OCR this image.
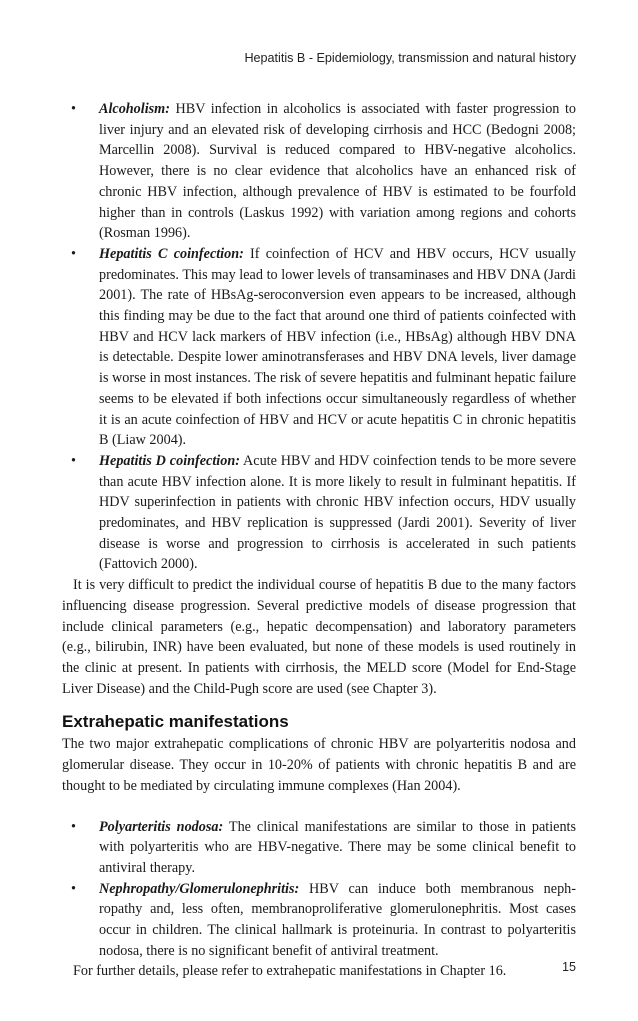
Hepatitis B - Epidemiology, transmission and natural history
• Alcoholism: HBV infection in alcoholics is associated with faster progression to liver injury and an elevated risk of developing cirrhosis and HCC (Bedogni 2008; Marcellin 2008). Survival is reduced compared to HBV-negative alcoholics. However, there is no clear evidence that alcoholics have an enhanced risk of chronic HBV infection, although prevalence of HBV is estimated to be fourfold higher than in controls (Laskus 1992) with variation among regions and cohorts (Rosman 1996).
• Hepatitis C coinfection: If coinfection of HCV and HBV occurs, HCV usually predominates. This may lead to lower levels of transaminases and HBV DNA (Jardi 2001). The rate of HBsAg-seroconversion even appears to be increased, although this finding may be due to the fact that around one third of patients coinfected with HBV and HCV lack markers of HBV infection (i.e., HBsAg) although HBV DNA is detectable. Despite lower aminotransferases and HBV DNA levels, liver damage is worse in most instances. The risk of severe hepatitis and fulminant hepatic failure seems to be elevated if both infections occur simultaneously regardless of whether it is an acute coinfection of HBV and HCV or acute hepatitis C in chronic hepatitis B (Liaw 2004).
• Hepatitis D coinfection: Acute HBV and HDV coinfection tends to be more severe than acute HBV infection alone. It is more likely to result in fulminant hepatitis. If HDV superinfection in patients with chronic HBV infection occurs, HDV usually predominates, and HBV replication is suppressed (Jardi 2001). Severity of liver disease is worse and progression to cirrhosis is accelerated in such patients (Fattovich 2000).

It is very difficult to predict the individual course of hepatitis B due to the many factors influencing disease progression. Several predictive models of disease progression that include clinical parameters (e.g., hepatic decompensation) and laboratory parameters (e.g., bilirubin, INR) have been evaluated, but none of these models is used routinely in the clinic at present. In patients with cirrhosis, the MELD score (Model for End-Stage Liver Disease) and the Child-Pugh score are used (see Chapter 3).

Extrahepatic manifestations

The two major extrahepatic complications of chronic HBV are polyarteritis nodosa and glomerular disease. They occur in 10-20% of patients with chronic hepatitis B and are thought to be mediated by circulating immune complexes (Han 2004).

• Polyarteritis nodosa: The clinical manifestations are similar to those in patients with polyarteritis who are HBV-negative. There may be some clinical benefit to antiviral therapy.
• Nephropathy/Glomerulonephritis: HBV can induce both membranous nephropathy and, less often, membranoproliferative glomerulonephritis. Most cases occur in children. The clinical hallmark is proteinuria. In contrast to polyarteritis nodosa, there is no significant benefit of antiviral treatment.

For further details, please refer to extrahepatic manifestations in Chapter 16.	15
